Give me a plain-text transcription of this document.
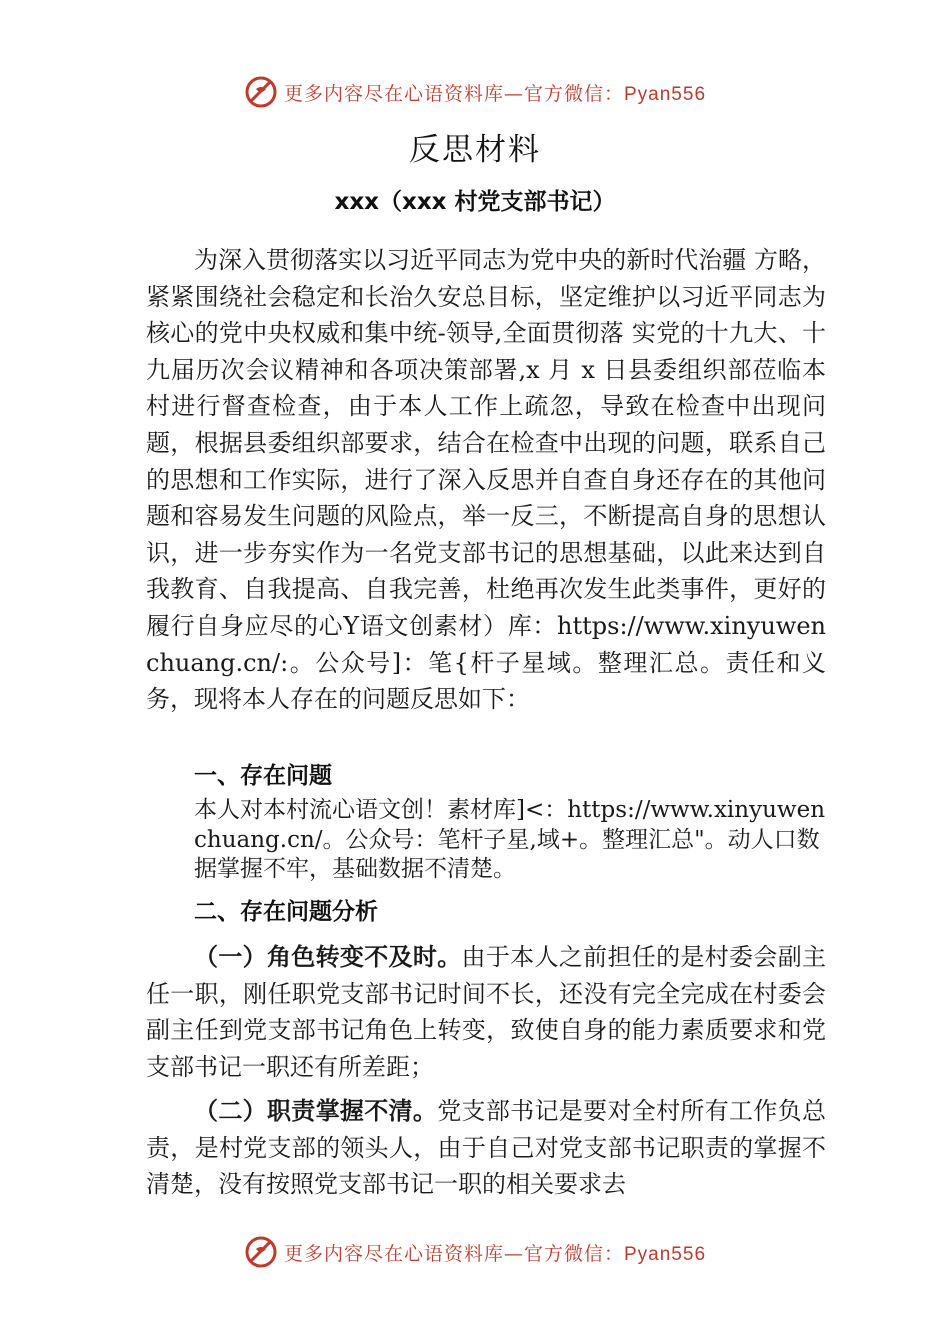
更多内容尽在心语资料库—官方微信：Pyan556
反思材料
xxx（xxx 村党支部书记）

为深入贯彻落实以习近平同志为党中央的新时代治疆 方略，紧紧围绕社会稳定和长治久安总目标，坚定维护以习近平同志为核心的党中央权威和集中统-领导,全面贯彻落 实党的十九大、十九届历次会议精神和各项决策部署,x 月 x 日县委组织部莅临本村进行督查检查，由于本人工作上疏忽，导致在检查中出现问题，根据县委组织部要求，结合在检查中出现的问题，联系自己的思想和工作实际，进行了深入反思并自查自身还存在的其他问题和容易发生问题的风险点，举一反三，不断提高自身的思想认识，进一步夯实作为一名党支部书记的思想基础，以此来达到自我教育、自我提高、自我完善，杜绝再次发生此类事件，更好的履行自身应尽的心Y语文创素材）库：https://www.xinyuwenchuang.cn/:。公众号]：笔{杆子星域。整理汇总。责任和义务，现将本人存在的问题反思如下：

一、存在问题

本人对本村流心语文创！素材库]<：https://www.xinyuwenchuang.cn/。公众号：笔杆子星,域+。整理汇总"。动人口数据掌握不牢，基础数据不清楚。

二、存在问题分析

（一）角色转变不及时。由于本人之前担任的是村委会副主任一职，刚任职党支部书记时间不长，还没有完全完成在村委会副主任到党支部书记角色上转变，致使自身的能力素质要求和党支部书记一职还有所差距；

（二）职责掌握不清。党支部书记是要对全村所有工作负总责，是村党支部的领头人，由于自己对党支部书记职责的掌握不清楚，没有按照党支部书记一职的相关要求去

更多内容尽在心语资料库—官方微信：Pyan556
